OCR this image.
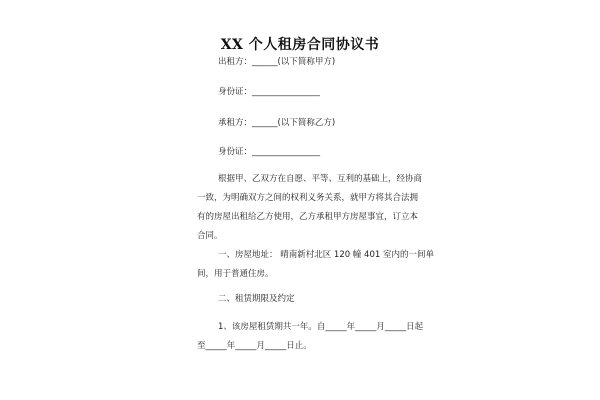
XX 个人租房合同协议书
出租方：______(以下简称甲方)
身份证：________________
承租方：______(以下简称乙方)
身份证：________________
根据甲、乙双方在自愿、平等、互利的基础上，经协商
一致，为明确双方之间的权利义务关系，就甲方将其合法拥
有的房屋出租给乙方使用，乙方承租甲方房屋事宜，订立本
合同。
一、房屋地址： 晴南新村北区 120 幢 401 室内的一间单
间，用于普通住房。
二、租赁期限及约定
1、该房屋租赁期共一年。自_____年_____月_____日起
至_____年_____月_____日止。
